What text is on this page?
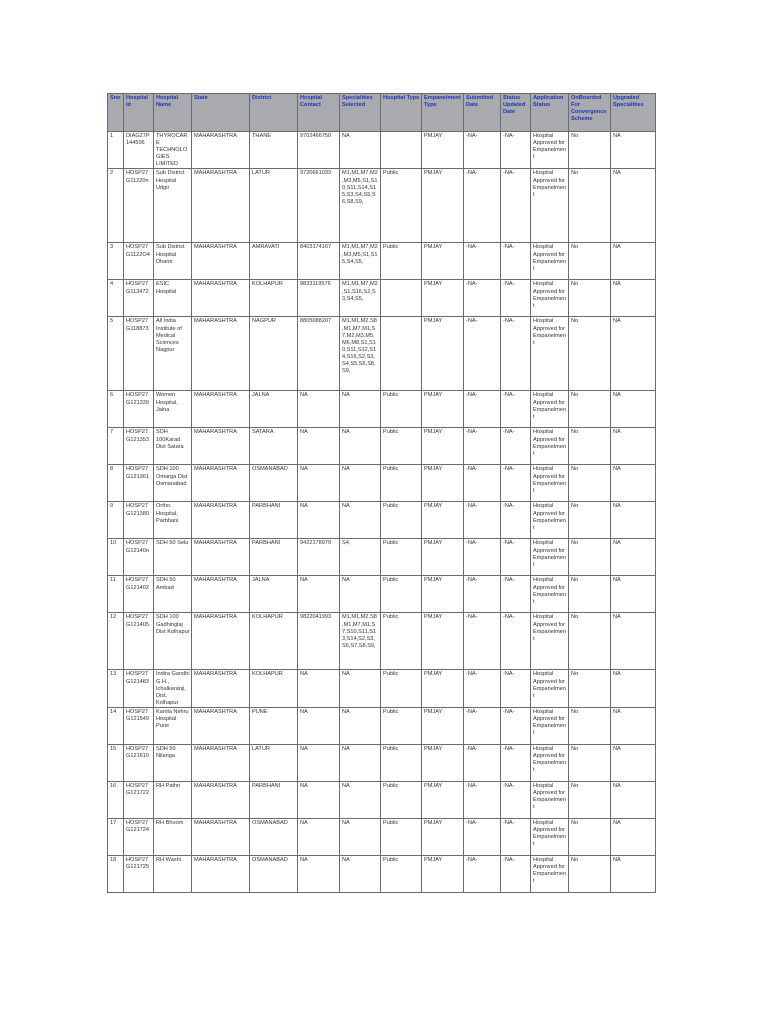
Sno	Hospital Id	Hospital Name	State	District	Hospital Contact	Specialities Selected	Hospital Type	Empanelment Type	Submitted Date	Status Updated Date	Application Status	OnBoarded For Convergence Scheme	Upgraded Specialities
1	DIAG27P 144506	THYROCARE TECHNOLO GIES LIMITED	MAHARASHTRA	THANE	9702466750	NA		PMJAY	-NA-	-NA-	Hospital Approved for Empanelment	No	NA
2	HOSP27 G11220n	Sub District Hospital Udgir	MAHARASHTRA	LATUR	9730661033	M1,M1,M7,M2 ,M3,M5,S1,S1 0,S11,S14,S1 5,S3,S4,S5,S 6,S8,S9,	Public	PMJAY	-NA-	-NA-	Hospital Approved for Empanelment	No	NA
3	HOSP27 G1122O4	Sub District Hospital Dharni	MAHARASHTRA	AMRAVATI	8403174167	M1,M1,M7,M2 ,M3,M5,S1,S1 5,S4,S5,	Public	PMJAY	-NA-	-NA-	Hospital Approved for Empanelment	No	NA
4	HOSP27 G113472	ESIC Hospital	MAHARASHTRA	KOLHAPUR	9833119576	M1,M1,M7,M2 ,S1,S16,S2,S 3,S4,S5,		PMJAY	-NA-	-NA-	Hospital Approved for Empanelment	No	NA
5	HOSP27 G118873	All India Institute of Medical Sciences Nagpur	MAHARASHTRA	NAGPUR	8805088207	M1,M1,M2,S8 ,M1,M7,M1,S 7,M2,M3,M5, M6,M8,S1,S1 0,S11,S12,S1 4,S16,S2,S3, S4,S5,S6,S8, S9,		PMJAY	-NA-	-NA-	Hospital Approved for Empanelment	No	NA
6	HOSP27 G121339	Women Hospital, Jalna	MAHARASHTRA	JALNA	NA	NA	Public	PMJAY	-NA-	-NA-	Hospital Approved for Empanelment	No	NA
7	HOSP27 G121353	SDH 100Karad Dist Satara	MAHARASHTRA	SATARA	NA	NA	Public	PMJAY	-NA-	-NA-	Hospital Approved for Empanelment	No	NA
8	HOSP27 G121361	SDH 100 Omarga Dist Osmanabad	MAHARASHTRA	OSMANABAD	NA	NA	Public	PMJAY	-NA-	-NA-	Hospital Approved for Empanelment	No	NA
9	HOSP27 G121380	Ortho. Hospital, Parbhani	MAHARASHTRA	PARBHANI	NA	NA	Public	PMJAY	-NA-	-NA-	Hospital Approved for Empanelment	No	NA
10	HOSP27 G12140n	SDH 50 Selu	MAHARASHTRA	PARBHANI	9422178979	S4,	Public	PMJAY	-NA-	-NA-	Hospital Approved for Empanelment	No	NA
11	HOSP27 G121402	SDH 50 Ambad	MAHARASHTRA	JALNA	NA	NA	Public	PMJAY	-NA-	-NA-	Hospital Approved for Empanelment	No	NA
12	HOSP27 G121405	SDH 100 Gadhinglaj Dist Kolhapur	MAHARASHTRA	KOLHAPUR	9822041993	M1,M1,M2,S8 ,M1,M7,M1,S 7,S10,S11,S1 3,S14,S2,S3, S6,S7,S8,S9,	Public	PMJAY	-NA-	-NA-	Hospital Approved for Empanelment	No	NA
13	HOSP27 G121483	Indira Gandhi G.H., Ichalkaranji, Dist. Kolhapur	MAHARASHTRA	KOLHAPUR	NA	NA	Public	PMJAY	-NA-	-NA-	Hospital Approved for Empanelment	No	NA
14	HOSP27 G121549	Kamla Nehru Hospital Pune	MAHARASHTRA	PUNE	NA	NA	Public	PMJAY	-NA-	-NA-	Hospital Approved for Empanelment	No	NA
15	HOSP27 G121610	SDH 50 Nilanga	MAHARASHTRA	LATUR	NA	NA	Public	PMJAY	-NA-	-NA-	Hospital Approved for Empanelment	No	NA
16	HOSP27 G121722	RH Pathri	MAHARASHTRA	PARBHANI	NA	NA	Public	PMJAY	-NA-	-NA-	Hospital Approved for Empanelment	No	NA
17	HOSP27 G121724	RH Bhoom	MAHARASHTRA	OSMANABAD	NA	NA	Public	PMJAY	-NA-	-NA-	Hospital Approved for Empanelment	No	NA
18	HOSP27 G121725	RH Washi	MAHARASHTRA	OSMANABAD	NA	NA	Public	PMJAY	-NA-	-NA-	Hospital Approved for Empanelment	No	NA
